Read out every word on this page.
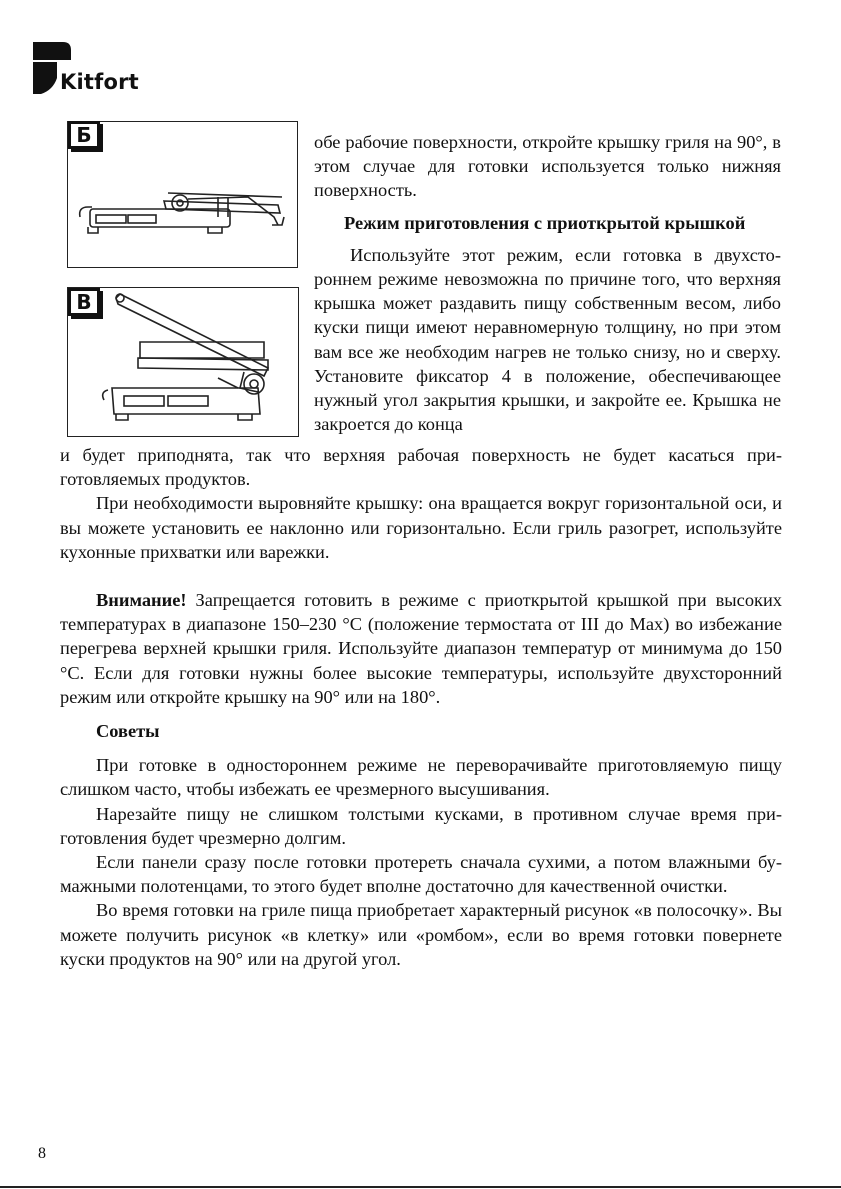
Kitfort
Б
В

обе рабочие поверхности, откройте крышку гриля на 90°, в этом случае для готовки используется только нижняя поверхность.

Режим приготовления с приоткрытой крышкой

Используйте этот режим, если готовка в двухстороннем режиме невозможна по причине того, что верхняя крышка может раздавить пищу собственным весом, либо куски пищи имеют неравномерную толщину, но при этом вам все же необходим нагрев не только снизу, но и сверху. Установите фиксатор 4 в положение, обеспечивающее нужный угол закрытия крышки, и закройте ее. Крышка не закроется до конца

и будет приподнята, так что верхняя рабочая поверхность не будет касаться приготовляемых продуктов.

При необходимости выровняйте крышку: она вращается вокруг горизонтальной оси, и вы можете установить ее наклонно или горизонтально. Если гриль разогрет, используйте кухонные прихватки или варежки.

Внимание! Запрещается готовить в режиме с приоткрытой крышкой при высоких температурах в диапазоне 150–230 °C (положение термостата от III до Max) во избежание перегрева верхней крышки гриля. Используйте диапазон температур от минимума до 150 °C. Если для готовки нужны более высокие температуры, используйте двухсторонний режим или откройте крышку на 90° или на 180°.

Советы

При готовке в одностороннем режиме не переворачивайте приготовляемую пищу слишком часто, чтобы избежать ее чрезмерного высушивания.

Нарезайте пищу не слишком толстыми кусками, в противном случае время приготовления будет чрезмерно долгим.

Если панели сразу после готовки протереть сначала сухими, а потом влажными бумажными полотенцами, то этого будет вполне достаточно для качественной очистки.

Во время готовки на гриле пища приобретает характерный рисунок «в полосочку». Вы можете получить рисунок «в клетку» или «ромбом», если во время готовки повернете куски продуктов на 90° или на другой угол.

8
